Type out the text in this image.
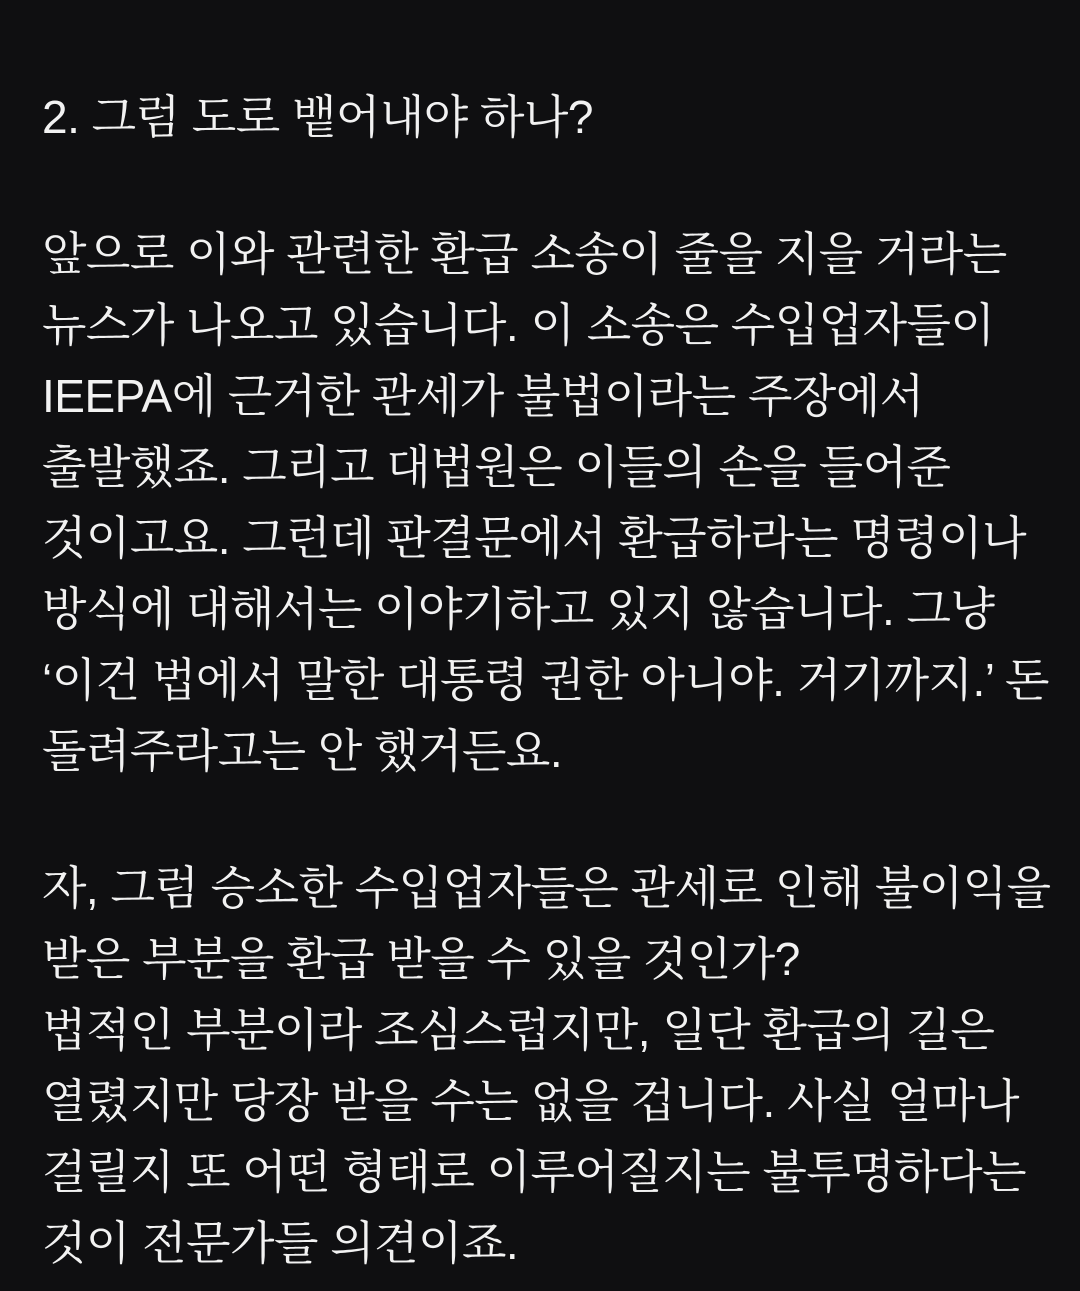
2. 그럼 도로 뱉어내야 하나?
앞으로 이와 관련한 환급 소송이 줄을 지을 거라는
뉴스가 나오고 있습니다. 이 소송은 수입업자들이
IEEPA에 근거한 관세가 불법이라는 주장에서
출발했죠. 그리고 대법원은 이들의 손을 들어준
것이고요. 그런데 판결문에서 환급하라는 명령이나
방식에 대해서는 이야기하고 있지 않습니다. 그냥
‘이건 법에서 말한 대통령 권한 아니야. 거기까지.’ 돈
돌려주라고는 안 했거든요.
자, 그럼 승소한 수입업자들은 관세로 인해 불이익을
받은 부분을 환급 받을 수 있을 것인가?
법적인 부분이라 조심스럽지만, 일단 환급의 길은
열렸지만 당장 받을 수는 없을 겁니다. 사실 얼마나
걸릴지 또 어떤 형태로 이루어질지는 불투명하다는
것이 전문가들 의견이죠.
